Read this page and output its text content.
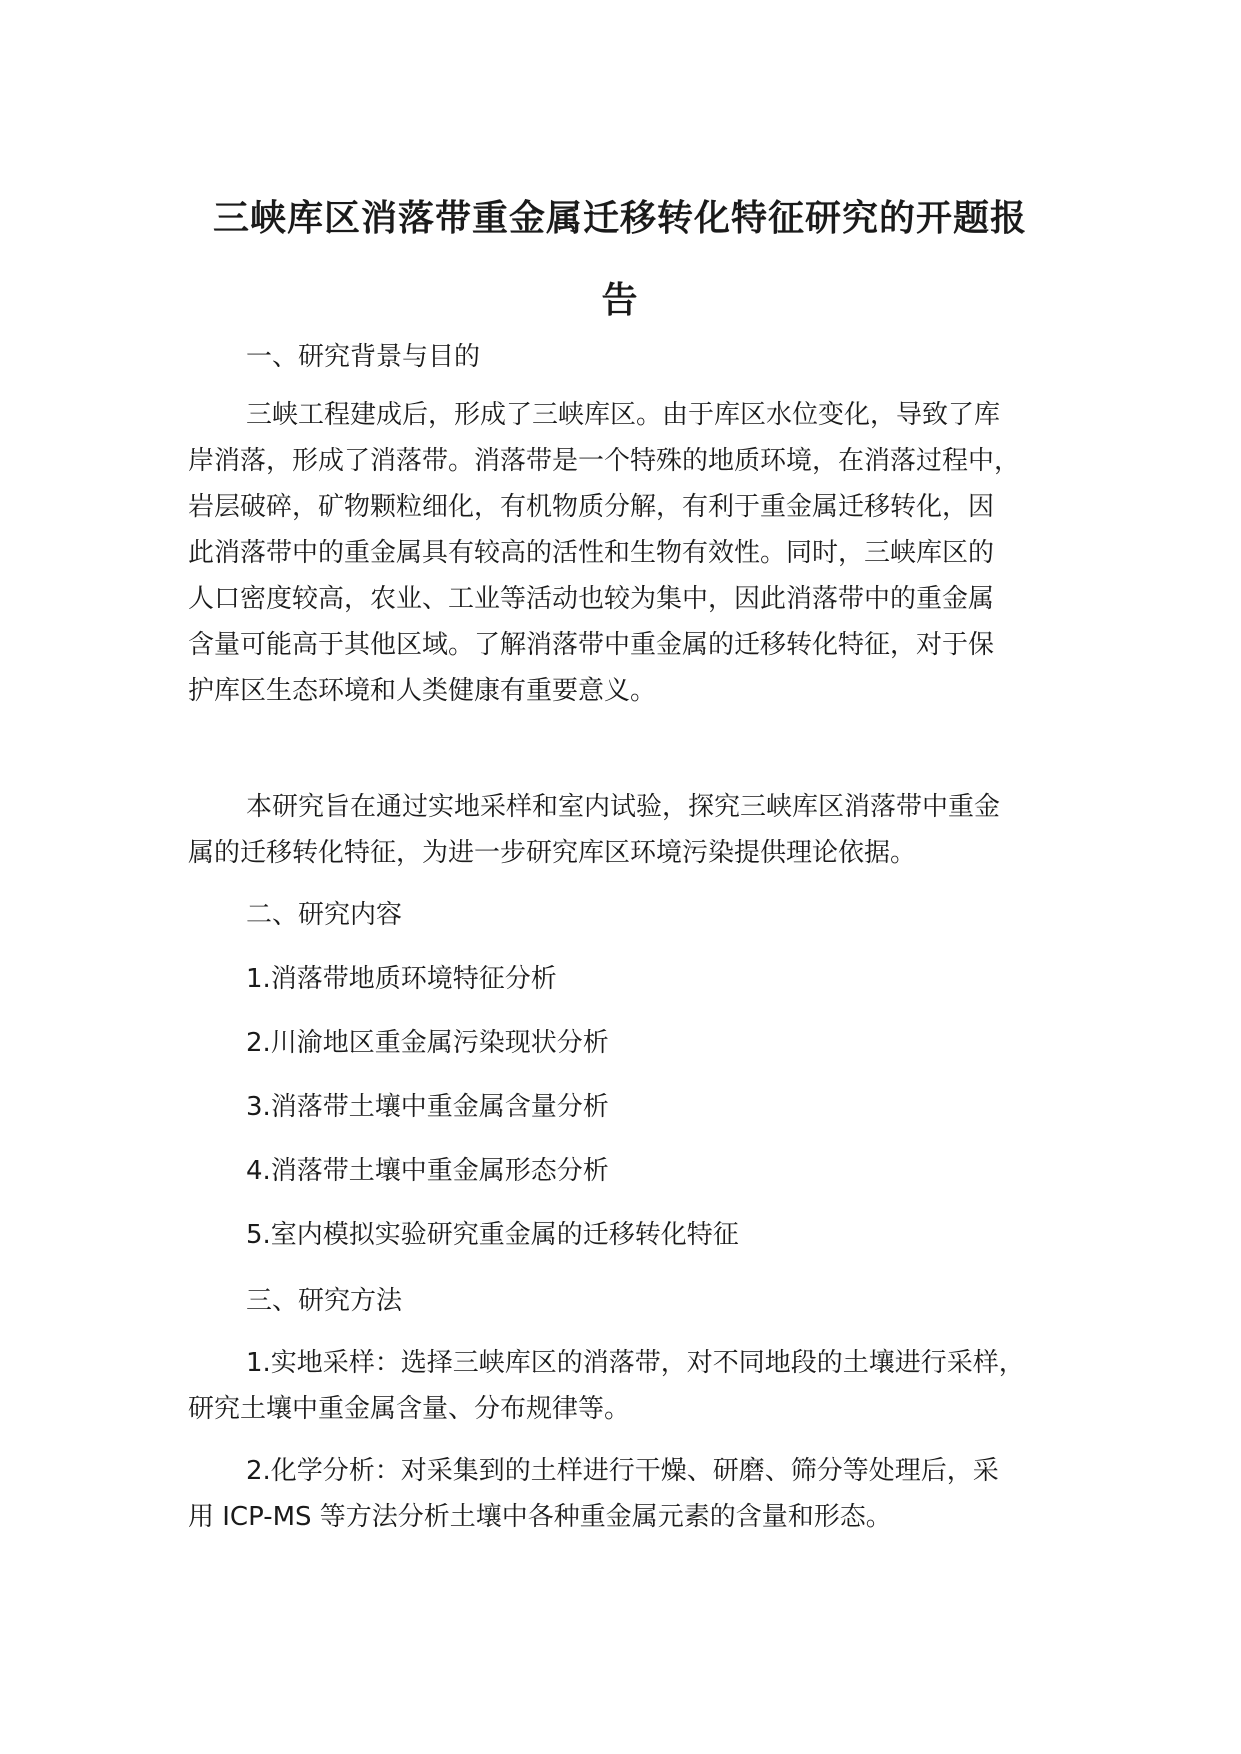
三峡库区消落带重金属迁移转化特征研究的开题报
告
一、研究背景与目的
三峡工程建成后，形成了三峡库区。由于库区水位变化，导致了库
岸消落，形成了消落带。消落带是一个特殊的地质环境，在消落过程中，
岩层破碎，矿物颗粒细化，有机物质分解，有利于重金属迁移转化，因
此消落带中的重金属具有较高的活性和生物有效性。同时，三峡库区的
人口密度较高，农业、工业等活动也较为集中，因此消落带中的重金属
含量可能高于其他区域。了解消落带中重金属的迁移转化特征，对于保
护库区生态环境和人类健康有重要意义。
本研究旨在通过实地采样和室内试验，探究三峡库区消落带中重金
属的迁移转化特征，为进一步研究库区环境污染提供理论依据。
二、研究内容
1.消落带地质环境特征分析
2.川渝地区重金属污染现状分析
3.消落带土壤中重金属含量分析
4.消落带土壤中重金属形态分析
5.室内模拟实验研究重金属的迁移转化特征
三、研究方法
1.实地采样：选择三峡库区的消落带，对不同地段的土壤进行采样，
研究土壤中重金属含量、分布规律等。
2.化学分析：对采集到的土样进行干燥、研磨、筛分等处理后，采
用 ICP-MS 等方法分析土壤中各种重金属元素的含量和形态。
